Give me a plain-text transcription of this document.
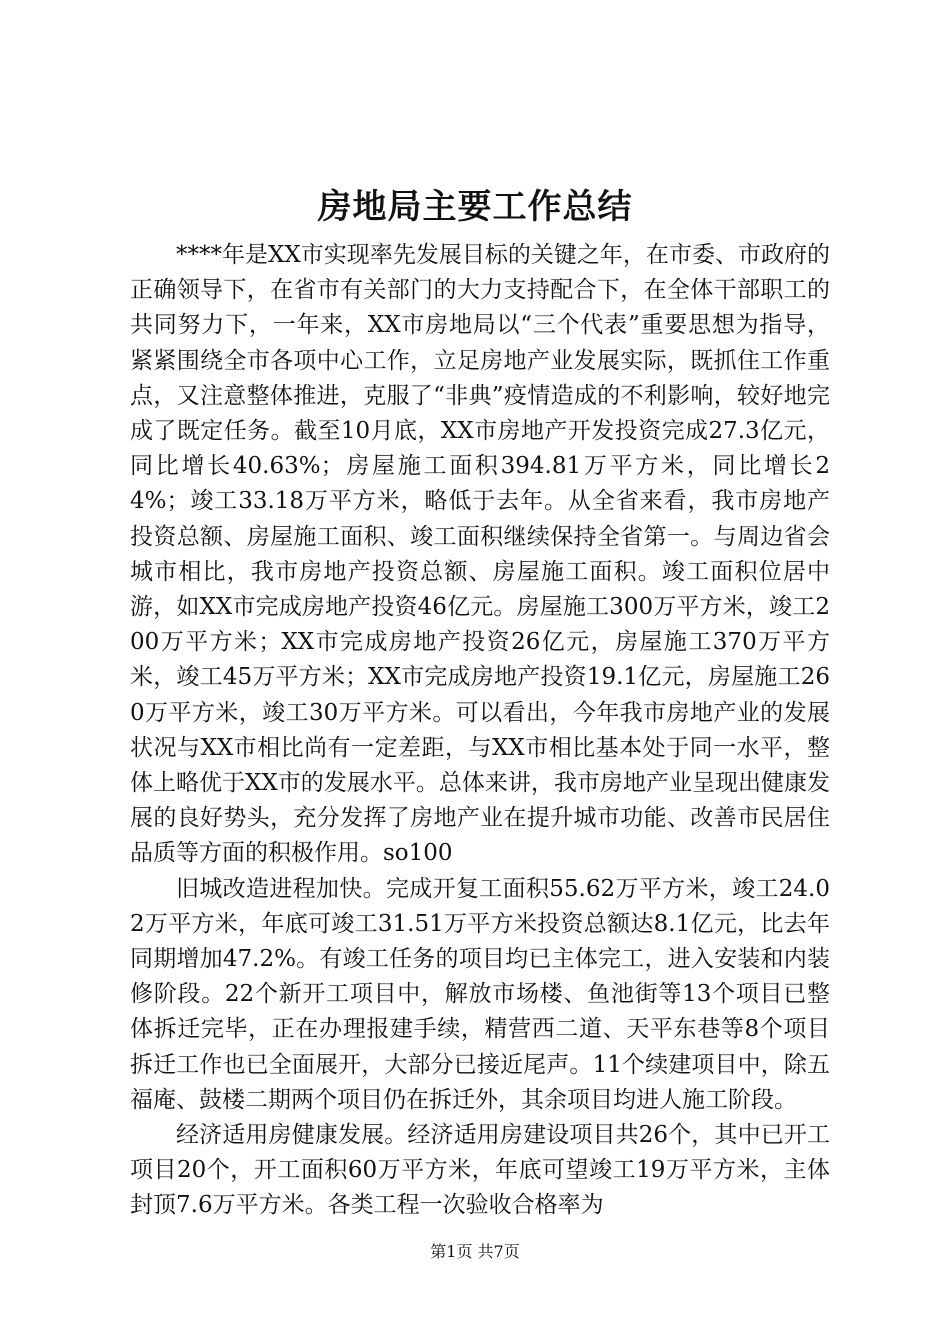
房地局主要工作总结

****年是XX市实现率先发展目标的关键之年，在市委、市政府的正确领导下，在省市有关部门的大力支持配合下，在全体干部职工的共同努力下，一年来，XX市房地局以“三个代表”重要思想为指导，紧紧围绕全市各项中心工作，立足房地产业发展实际，既抓住工作重点，又注意整体推进，克服了“非典”疫情造成的不利影响，较好地完成了既定任务。截至10月底，XX市房地产开发投资完成27.3亿元，同比增长40.63%；房屋施工面积394.81万平方米，同比增长24%；竣工33.18万平方米，略低于去年。从全省来看，我市房地产投资总额、房屋施工面积、竣工面积继续保持全省第一。与周边省会城市相比，我市房地产投资总额、房屋施工面积。竣工面积位居中游，如XX市完成房地产投资46亿元。房屋施工300万平方米，竣工200万平方米；XX市完成房地产投资26亿元，房屋施工370万平方米，竣工45万平方米；XX市完成房地产投资19.1亿元，房屋施工260万平方米，竣工30万平方米。可以看出，今年我市房地产业的发展状况与XX市相比尚有一定差距，与XX市相比基本处于同一水平，整体上略优于XX市的发展水平。总体来讲，我市房地产业呈现出健康发展的良好势头，充分发挥了房地产业在提升城市功能、改善市民居住品质等方面的积极作用。so100

旧城改造进程加快。完成开复工面积55.62万平方米，竣工24.02万平方米，年底可竣工31.51万平方米投资总额达8.1亿元，比去年同期增加47.2%。有竣工任务的项目均已主体完工，进入安装和内装修阶段。22个新开工项目中，解放市场楼、鱼池街等13个项目已整体拆迁完毕，正在办理报建手续，精营西二道、天平东巷等8个项目拆迁工作也已全面展开，大部分已接近尾声。11个续建项目中，除五福庵、鼓楼二期两个项目仍在拆迁外，其余项目均进人施工阶段。

经济适用房健康发展。经济适用房建设项目共26个，其中已开工项目20个，开工面积60万平方米，年底可望竣工19万平方米，主体封顶7.6万平方米。各类工程一次验收合格率为

第1页 共7页
